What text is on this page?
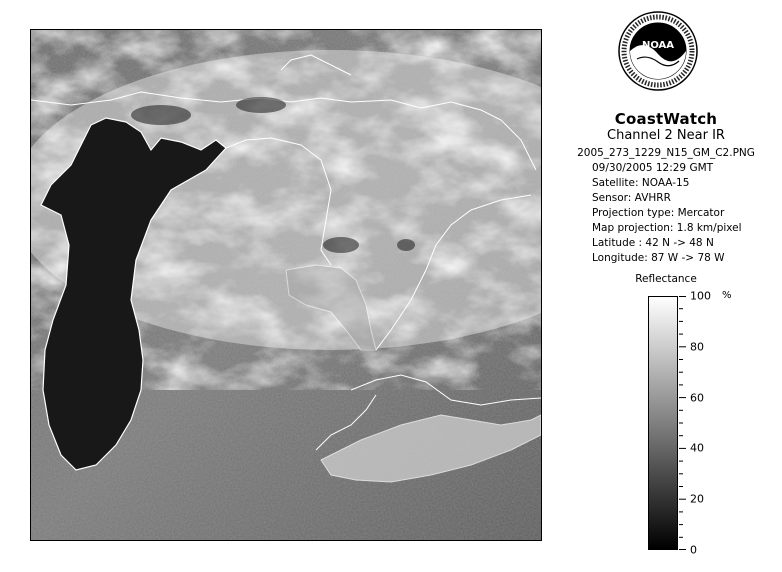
NOAA
CoastWatch
Channel 2 Near IR
2005_273_1229_N15_GM_C2.PNG
09/30/2005 12:29 GMT
Satellite: NOAA-15
Sensor: AVHRR
Projection type: Mercator
Map projection: 1.8 km/pixel
Latitude : 42 N -> 48 N
Longitude: 87 W -> 78 W
Reflectance
100
80
60
40
20
0
%
